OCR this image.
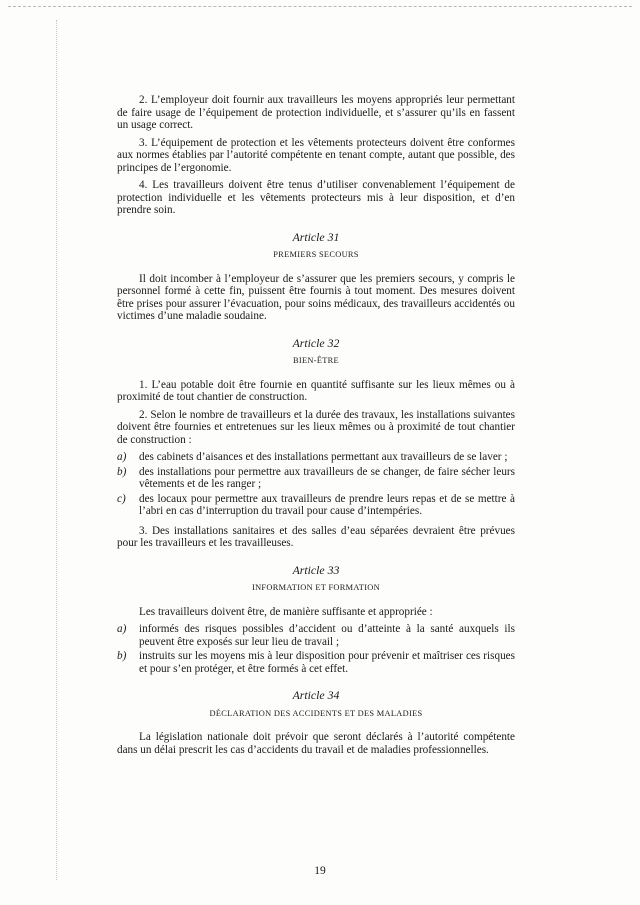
2. L’employeur doit fournir aux travailleurs les moyens appropriés leur permettant de faire usage de l’équipement de protection individuelle, et s’assurer qu’ils en fassent un usage correct.

3. L’équipement de protection et les vêtements protecteurs doivent être conformes aux normes établies par l’autorité compétente en tenant compte, autant que possible, des principes de l’ergonomie.

4. Les travailleurs doivent être tenus d’utiliser convenablement l’équipement de protection individuelle et les vêtements protecteurs mis à leur disposition, et d’en prendre soin.

Article 31
PREMIERS SECOURS

Il doit incomber à l’employeur de s’assurer que les premiers secours, y compris le personnel formé à cette fin, puissent être fournis à tout moment. Des mesures doivent être prises pour assurer l’évacuation, pour soins médicaux, des travailleurs accidentés ou victimes d’une maladie soudaine.

Article 32
BIEN-ÊTRE

1. L’eau potable doit être fournie en quantité suffisante sur les lieux mêmes ou à proximité de tout chantier de construction.

2. Selon le nombre de travailleurs et la durée des travaux, les installations suivantes doivent être fournies et entretenues sur les lieux mêmes ou à proximité de tout chantier de construction :

a)	des cabinets d’aisances et des installations permettant aux travailleurs de se laver ;
b)	des installations pour permettre aux travailleurs de se changer, de faire sécher leurs vêtements et de les ranger ;
c)	des locaux pour permettre aux travailleurs de prendre leurs repas et de se mettre à l’abri en cas d’interruption du travail pour cause d’intempéries.

3. Des installations sanitaires et des salles d’eau séparées devraient être prévues pour les travailleurs et les travailleuses.

Article 33
INFORMATION ET FORMATION

Les travailleurs doivent être, de manière suffisante et appropriée :

a)	informés des risques possibles d’accident ou d’atteinte à la santé auxquels ils peuvent être exposés sur leur lieu de travail ;
b)	instruits sur les moyens mis à leur disposition pour prévenir et maîtriser ces risques et pour s’en protéger, et être formés à cet effet.
Article 34
DÉCLARATION DES ACCIDENTS ET DES MALADIES

La législation nationale doit prévoir que seront déclarés à l’autorité compétente dans un délai prescrit les cas d’accidents du travail et de maladies professionnelles.

19
